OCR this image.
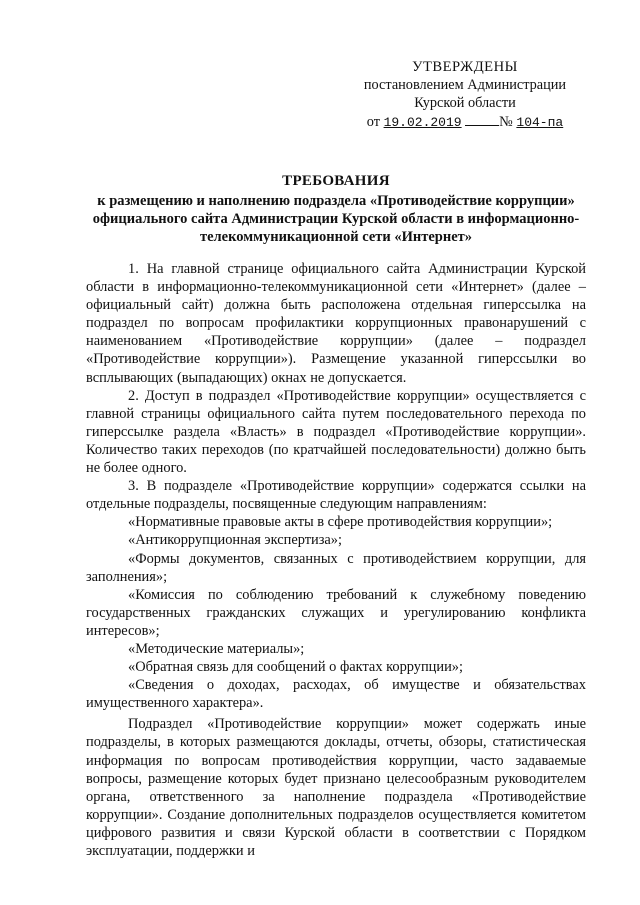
УТВЕРЖДЕНЫ
постановлением Администрации
Курской области
от 19.02.2019	№ 104-па
ТРЕБОВАНИЯ
к размещению и наполнению подраздела «Противодействие коррупции» официального сайта Администрации Курской области в информационно-телекоммуникационной сети «Интернет»

1. На главной странице официального сайта Администрации Курской области в информационно-телекоммуникационной сети «Интернет» (далее – официальный сайт) должна быть расположена отдельная гиперссылка на подраздел по вопросам профилактики коррупционных правонарушений с наименованием «Противодействие коррупции» (далее – подраздел «Противодействие коррупции»). Размещение указанной гиперссылки во всплывающих (выпадающих) окнах не допускается.

2. Доступ в подраздел «Противодействие коррупции» осуществляется с главной страницы официального сайта путем последовательного перехода по гиперссылке раздела «Власть» в подраздел «Противодействие коррупции». Количество таких переходов (по кратчайшей последовательности) должно быть не более одного.

3. В подразделе «Противодействие коррупции» содержатся ссылки на отдельные подразделы, посвященные следующим направлениям:

«Нормативные правовые акты в сфере противодействия коррупции»;

«Антикоррупционная экспертиза»;

«Формы документов, связанных с противодействием коррупции, для заполнения»;

«Комиссия по соблюдению требований к служебному поведению государственных гражданских служащих и урегулированию конфликта интересов»;

«Методические материалы»;

«Обратная связь для сообщений о фактах коррупции»;

«Сведения о доходах, расходах, об имуществе и обязательствах имущественного характера».

Подраздел «Противодействие коррупции» может содержать иные подразделы, в которых размещаются доклады, отчеты, обзоры, статистическая информация по вопросам противодействия коррупции, часто задаваемые вопросы, размещение которых будет признано целесообразным руководителем органа, ответственного за наполнение подраздела «Противодействие коррупции». Создание дополнительных подразделов осуществляется комитетом цифрового развития и связи Курской области в соответствии с Порядком эксплуатации, поддержки и
